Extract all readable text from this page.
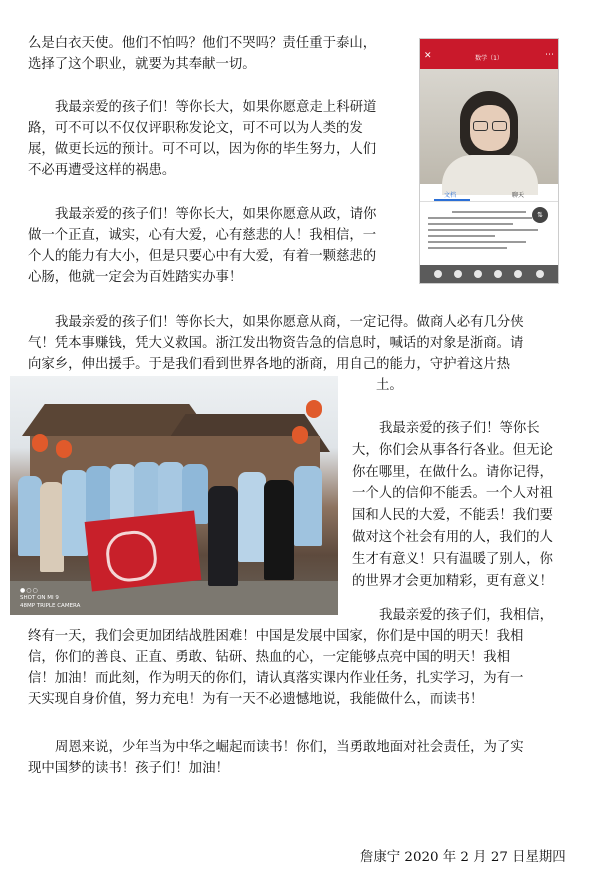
么是白衣天使。他们不怕吗？他们不哭吗？责任重于泰山，

选择了这个职业，就要为其奉献一切。

我最亲爱的孩子们！等你长大，如果你愿意走上科研道

路，可不可以不仅仅评职称发论文，可不可以为人类的发

展，做更长远的预计。可不可以，因为你的毕生努力，人们

不必再遭受这样的祸患。

我最亲爱的孩子们！等你长大，如果你愿意从政，请你

做一个正直，诚实，心有大爱，心有慈悲的人！我相信，一

个人的能力有大小，但是只要心中有大爱，有着一颗慈悲的

心肠，他就一定会为百姓踏实办事！

✕	数学（1）	⋯
文档	聊天
⇅

我最亲爱的孩子们！等你长大，如果你愿意从商，一定记得。做商人必有几分侠

气！凭本事赚钱，凭大义救国。浙江发出物资告急的信息时，喊话的对象是浙商。请

向家乡，伸出援手。于是我们看到世界各地的浙商，用自己的能力，守护着这片热

土。

●○○
SHOT ON MI 9
48MP TRIPLE CAMERA

我最亲爱的孩子们！等你长

大，你们会从事各行各业。但无论

你在哪里，在做什么。请你记得，

一个人的信仰不能丢。一个人对祖

国和人民的大爱，不能丢！我们要

做对这个社会有用的人，我们的人

生才有意义！只有温暖了别人，你

的世界才会更加精彩，更有意义！

我最亲爱的孩子们，我相信，

终有一天，我们会更加团结战胜困难！中国是发展中国家，你们是中国的明天！我相

信，你们的善良、正直、勇敢、钻研、热血的心，一定能够点亮中国的明天！我相

信！加油！而此刻，作为明天的你们，请认真落实课内作业任务，扎实学习，为有一

天实现自身价值，努力充电！为有一天不必遗憾地说，我能做什么，而读书！

周恩来说，少年当为中华之崛起而读书！你们，当勇敢地面对社会责任，为了实

现中国梦的读书！孩子们！加油！

詹康宁 2020 年 2 月 27 日星期四
